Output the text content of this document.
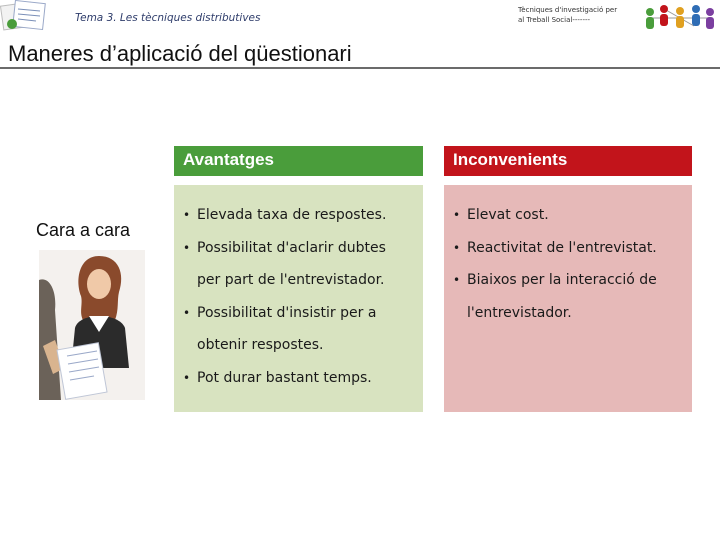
Tema 3. Les tècniques distributives
Tècniques d'investigació per
al Treball Social-------
Maneres d’aplicació del qüestionari
Cara a cara
Avantatges
• Elevada taxa de respostes.
• Possibilitat d'aclarir dubtes
per part de l'entrevistador.
• Possibilitat d'insistir per a
obtenir respostes.
• Pot durar bastant temps.
Inconvenients
• Elevat cost.
• Reactivitat de l'entrevistat.
• Biaixos per la interacció de
l'entrevistador.
